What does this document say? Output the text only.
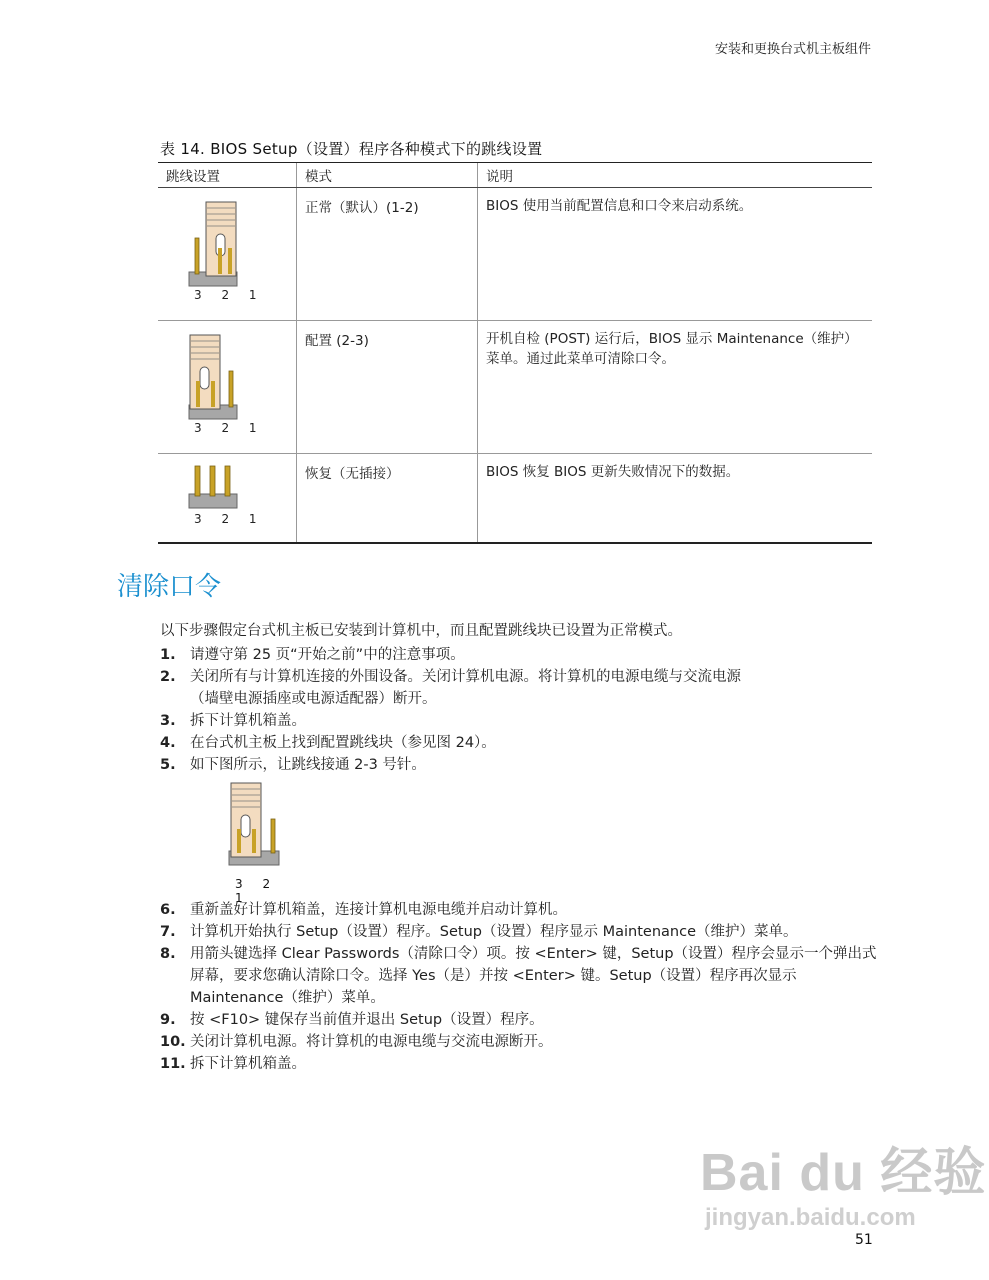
安装和更换台式机主板组件
表 14. BIOS Setup（设置）程序各种模式下的跳线设置
跳线设置	模式	说明

3 2 1	正常（默认）(1-2)	BIOS 使用当前配置信息和口令来启动系统。

3 2 1	配置 (2-3)	开机自检 (POST) 运行后，BIOS 显示 Maintenance（维护）菜单。通过此菜单可清除口令。

3 2 1	恢复（无插接）	BIOS 恢复 BIOS 更新失败情况下的数据。
清除口令
以下步骤假定台式机主板已安装到计算机中，而且配置跳线块已设置为正常模式。
1. 请遵守第 25 页“开始之前”中的注意事项。
2. 关闭所有与计算机连接的外围设备。关闭计算机电源。将计算机的电源电缆与交流电源（墙壁电源插座或电源适配器）断开。
3. 拆下计算机箱盖。
4. 在台式机主板上找到配置跳线块（参见图 24）。
5. 如下图所示，让跳线接通 2-3 号针。
3 2 1
6. 重新盖好计算机箱盖，连接计算机电源电缆并启动计算机。
7. 计算机开始执行 Setup（设置）程序。Setup（设置）程序显示 Maintenance（维护）菜单。
8. 用箭头键选择 Clear Passwords（清除口令）项。按 <Enter> 键，Setup（设置）程序会显示一个弹出式屏幕，要求您确认清除口令。选择 Yes（是）并按 <Enter> 键。Setup（设置）程序再次显示 Maintenance（维护）菜单。
9. 按 <F10> 键保存当前值并退出 Setup（设置）程序。
10. 关闭计算机电源。将计算机的电源电缆与交流电源断开。
11. 拆下计算机箱盖。
Bai du 经验
jingyan.baidu.com
51
